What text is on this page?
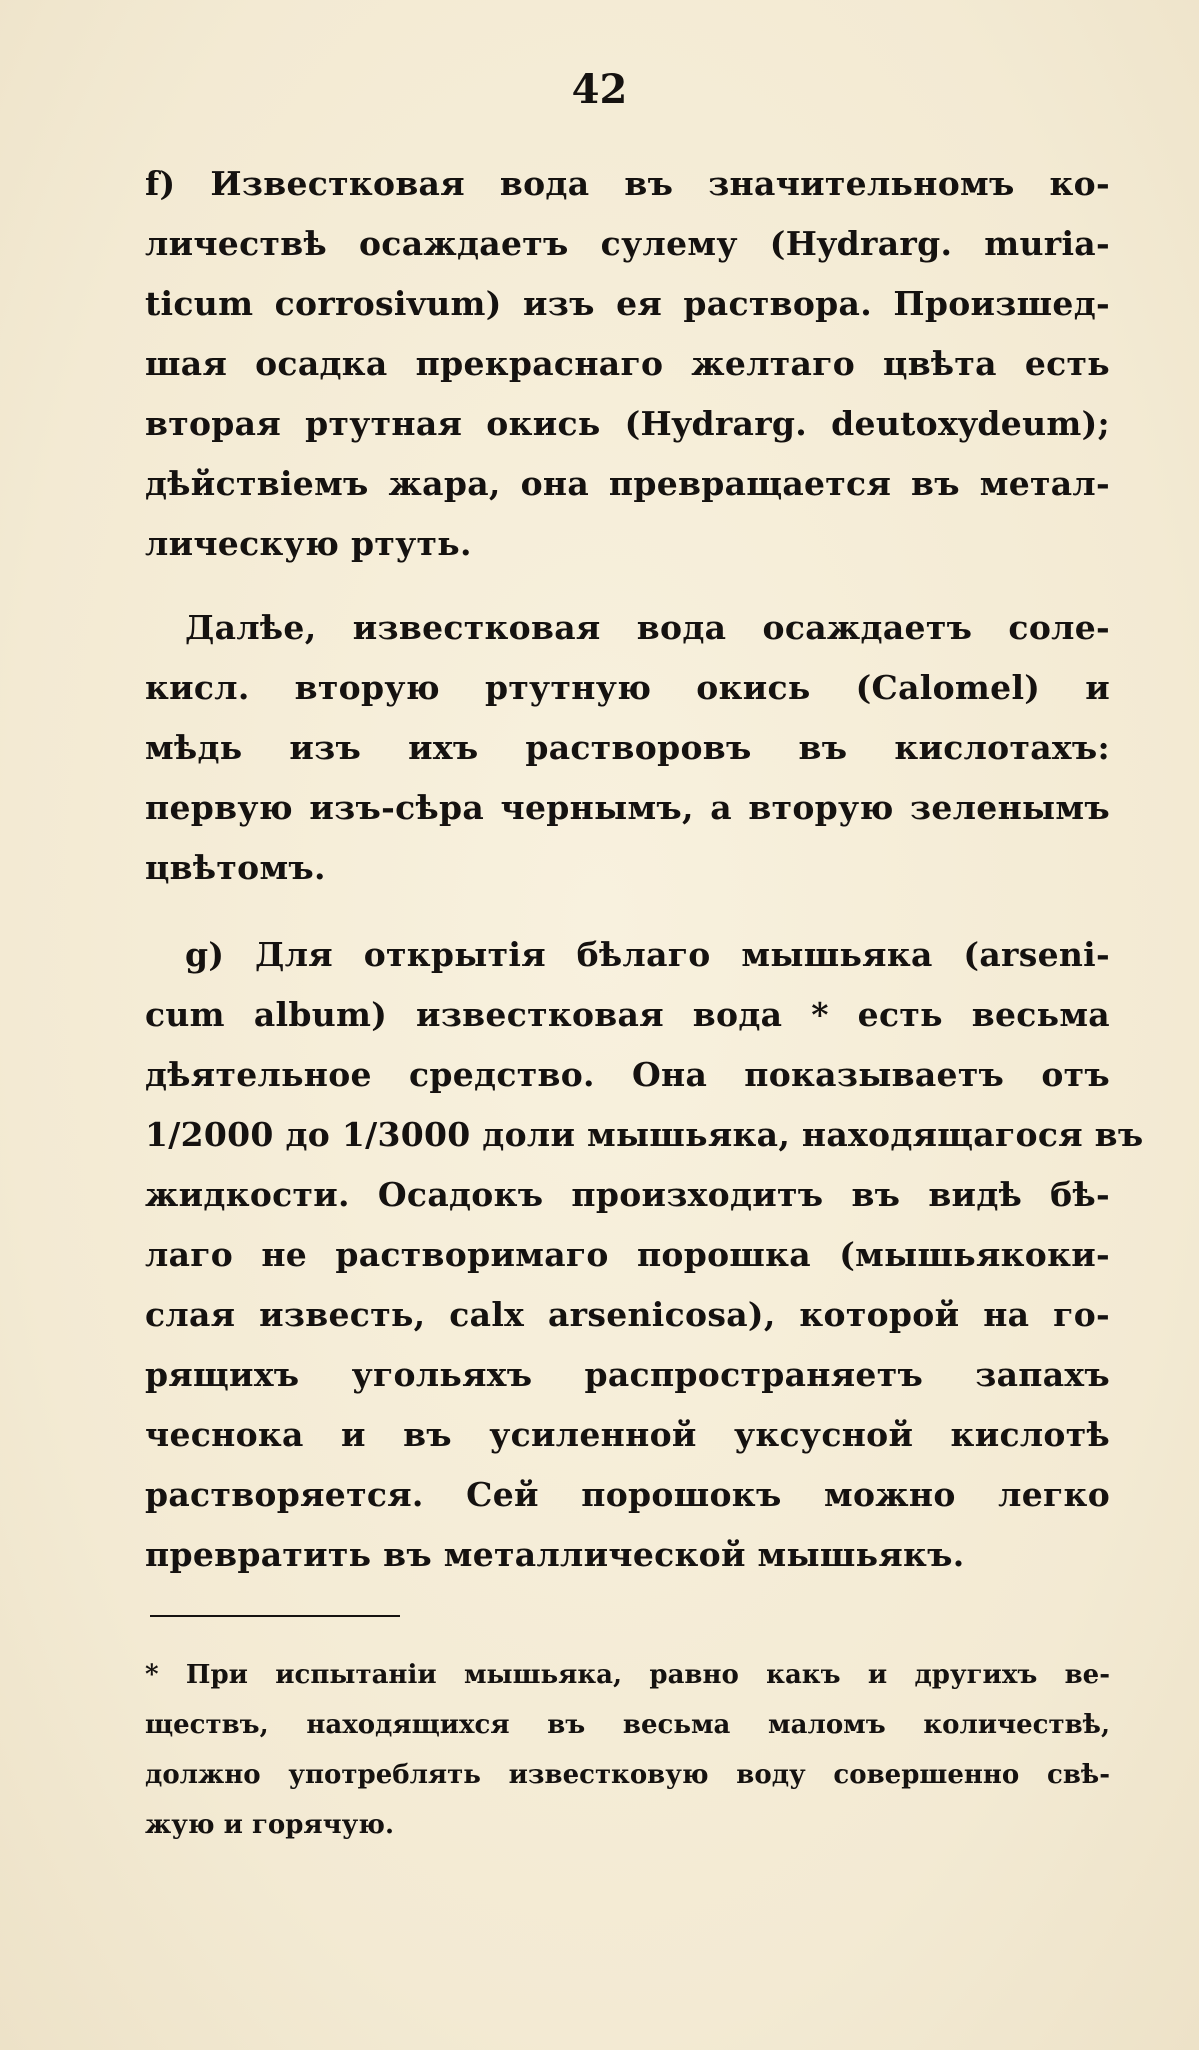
42
f) Известковая вода въ значительномъ ко-
личествѣ осаждаетъ сулему (Hydrarg. muria-
ticum corrosivum) изъ ея раствора. Произшед-
шая осадка прекраснаго желтаго цвѣта есть
вторая ртутная окись (Hydrarg. deutoxydeum);
дѣйствіемъ жара, она превращается въ метал-
лическую ртуть.
Далѣе, известковая вода осаждаетъ соле-
кисл. вторую ртутную окись (Calomel) и
мѣдь изъ ихъ растворовъ въ кислотахъ:
первую изъ-сѣра чернымъ, а вторую зеленымъ
цвѣтомъ.
g) Для открытія бѣлаго мышьяка (arseni-
cum album) известковая вода * есть весьма
дѣятельное средство. Она показываетъ отъ
1/2000 до 1/3000 доли мышьяка, находящагося въ
жидкости. Осадокъ произходитъ въ видѣ бѣ-
лаго не растворимаго порошка (мышьякоки-
слая известь, calx arsenicosa), которой на го-
рящихъ угольяхъ распространяетъ запахъ
чеснока и въ усиленной уксусной кислотѣ
растворяется. Сей порошокъ можно легко
превратить въ металлической мышьякъ.
* При испытаніи мышьяка, равно какъ и другихъ ве-
ществъ, находящихся въ весьма маломъ количествѣ,
должно употреблять известковую воду совершенно свѣ-
жую и горячую.
